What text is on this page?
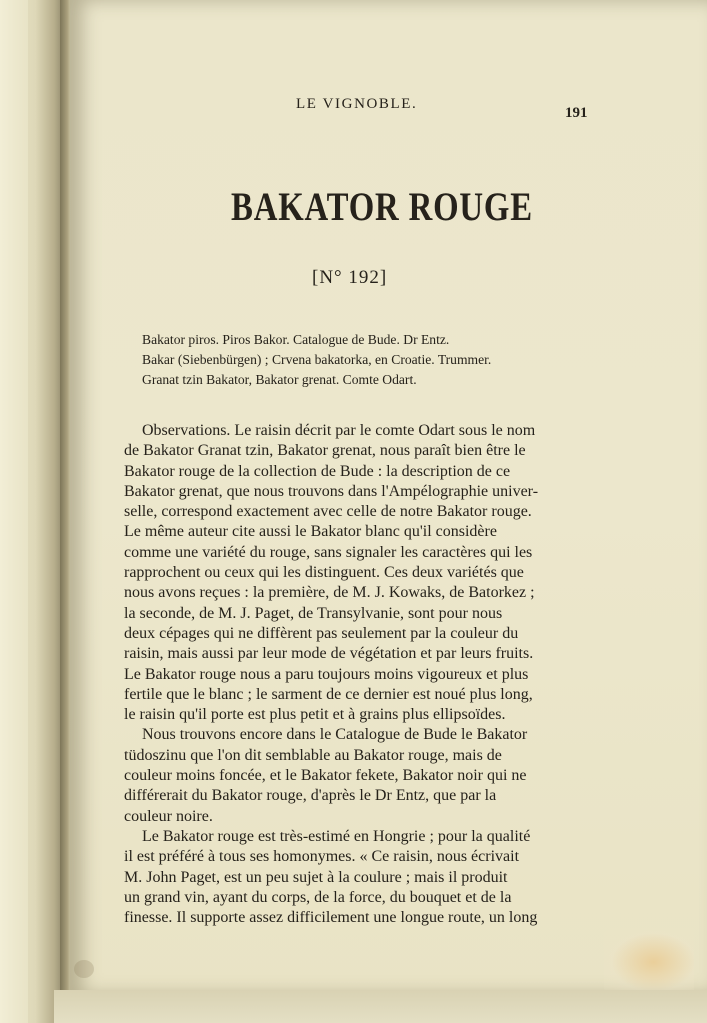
LE VIGNOBLE.
191
BAKATOR ROUGE
[N° 192]
Bakator piros. Piros Bakor. Catalogue de Bude. Dr Entz.
Bakar (Siebenbürgen) ; Crvena bakatorka, en Croatie. Trummer.
Granat tzin Bakator, Bakator grenat. Comte Odart.
Observations. Le raisin décrit par le comte Odart sous le nom
de Bakator Granat tzin, Bakator grenat, nous paraît bien être le
Bakator rouge de la collection de Bude : la description de ce
Bakator grenat, que nous trouvons dans l'Ampélographie univer-
selle, correspond exactement avec celle de notre Bakator rouge.
Le même auteur cite aussi le Bakator blanc qu'il considère
comme une variété du rouge, sans signaler les caractères qui les
rapprochent ou ceux qui les distinguent. Ces deux variétés que
nous avons reçues : la première, de M. J. Kowaks, de Batorkez ;
la seconde, de M. J. Paget, de Transylvanie, sont pour nous
deux cépages qui ne diffèrent pas seulement par la couleur du
raisin, mais aussi par leur mode de végétation et par leurs fruits.
Le Bakator rouge nous a paru toujours moins vigoureux et plus
fertile que le blanc ; le sarment de ce dernier est noué plus long,
le raisin qu'il porte est plus petit et à grains plus ellipsoïdes.
Nous trouvons encore dans le Catalogue de Bude le Bakator
tüdoszinu que l'on dit semblable au Bakator rouge, mais de
couleur moins foncée, et le Bakator fekete, Bakator noir qui ne
différerait du Bakator rouge, d'après le Dr Entz, que par la
couleur noire.
Le Bakator rouge est très-estimé en Hongrie ; pour la qualité
il est préféré à tous ses homonymes. « Ce raisin, nous écrivait
M. John Paget, est un peu sujet à la coulure ; mais il produit
un grand vin, ayant du corps, de la force, du bouquet et de la
finesse. Il supporte assez difficilement une longue route, un long
